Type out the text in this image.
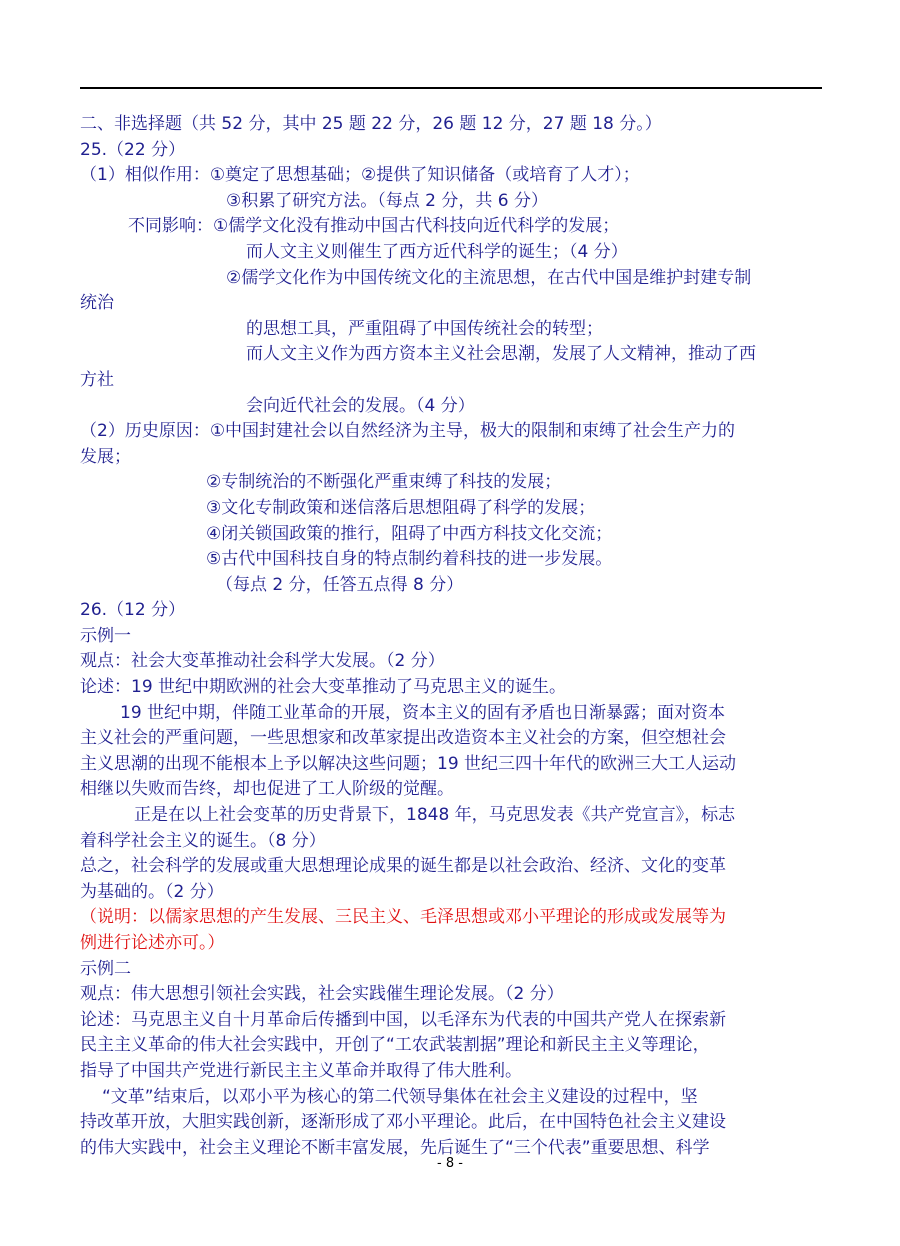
二、非选择题（共 52 分，其中 25 题 22 分，26 题 12 分，27 题 18 分。）
25.（22 分）
（1）相似作用：①奠定了思想基础；②提供了知识储备（或培育了人才）；
③积累了研究方法。（每点 2 分，共 6 分）
不同影响：①儒学文化没有推动中国古代科技向近代科学的发展；
而人文主义则催生了西方近代科学的诞生；（4 分）
②儒学文化作为中国传统文化的主流思想，在古代中国是维护封建专制
统治
的思想工具，严重阻碍了中国传统社会的转型；
而人文主义作为西方资本主义社会思潮，发展了人文精神，推动了西
方社
会向近代社会的发展。（4 分）
（2）历史原因：①中国封建社会以自然经济为主导，极大的限制和束缚了社会生产力的
发展；
②专制统治的不断强化严重束缚了科技的发展；
③文化专制政策和迷信落后思想阻碍了科学的发展；
④闭关锁国政策的推行，阻碍了中西方科技文化交流；
⑤古代中国科技自身的特点制约着科技的进一步发展。
（每点 2 分，任答五点得 8 分）
26.（12 分）
示例一
观点：社会大变革推动社会科学大发展。（2 分）
论述：19 世纪中期欧洲的社会大变革推动了马克思主义的诞生。
19 世纪中期，伴随工业革命的开展，资本主义的固有矛盾也日渐暴露；面对资本
主义社会的严重问题，一些思想家和改革家提出改造资本主义社会的方案，但空想社会
主义思潮的出现不能根本上予以解决这些问题；19 世纪三四十年代的欧洲三大工人运动
相继以失败而告终，却也促进了工人阶级的觉醒。
正是在以上社会变革的历史背景下，1848 年，马克思发表《共产党宣言》，标志
着科学社会主义的诞生。（8 分）
总之，社会科学的发展或重大思想理论成果的诞生都是以社会政治、经济、文化的变革
为基础的。（2 分）
（说明：以儒家思想的产生发展、三民主义、毛泽思想或邓小平理论的形成或发展等为
例进行论述亦可。）
示例二
观点：伟大思想引领社会实践，社会实践催生理论发展。（2 分）
论述：马克思主义自十月革命后传播到中国，以毛泽东为代表的中国共产党人在探索新
民主主义革命的伟大社会实践中，开创了“工农武装割据”理论和新民主主义等理论，
指导了中国共产党进行新民主主义革命并取得了伟大胜利。
“文革”结束后，以邓小平为核心的第二代领导集体在社会主义建设的过程中，坚
持改革开放，大胆实践创新，逐渐形成了邓小平理论。此后，在中国特色社会主义建设
的伟大实践中，社会主义理论不断丰富发展，先后诞生了“三个代表”重要思想、科学
- 8 -
